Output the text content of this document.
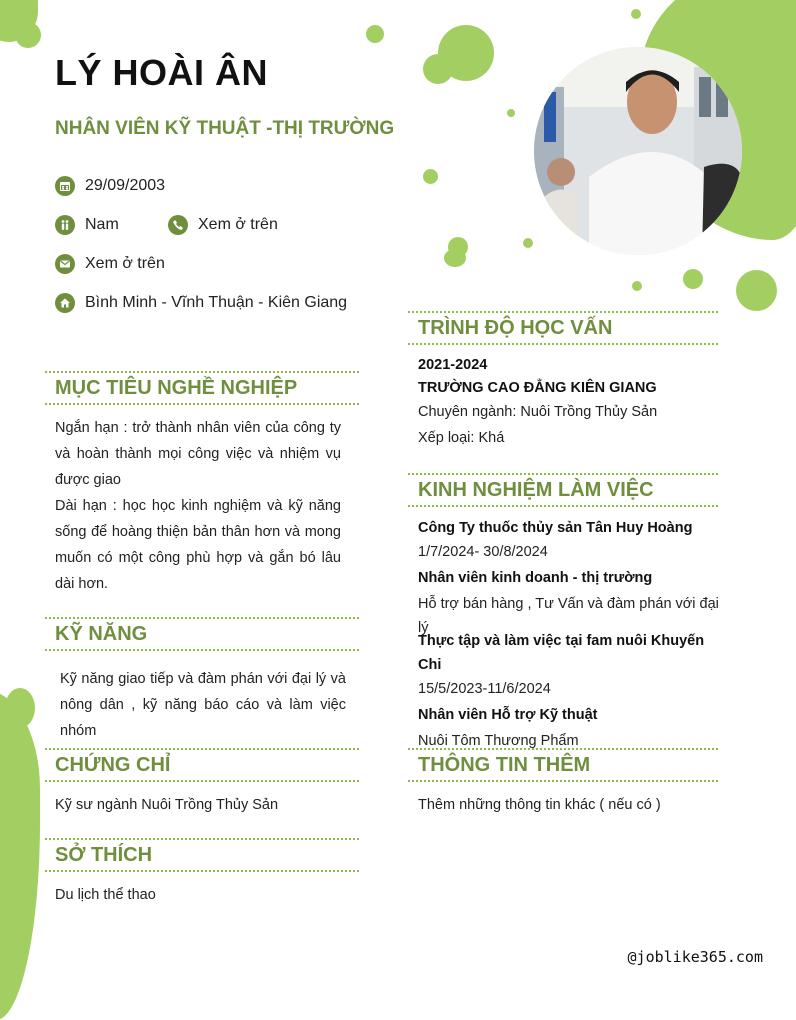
LÝ HOÀI ÂN

NHÂN VIÊN KỸ THUẬT -THỊ TRƯỜNG

29/09/2003
Nam	Xem ở trên
Xem ở trên
Bình Minh - Vĩnh Thuận - Kiên Giang
MỤC TIÊU NGHỀ NGHIỆP
Ngắn hạn : trở thành nhân viên của công ty và hoàn thành mọi công việc và nhiệm vụ được giao
Dài hạn : học học kinh nghiệm và kỹ năng sống để hoàng thiện bản thân hơn và mong muốn có một công phù hợp và gắn bó lâu dài hơn.
KỸ NĂNG
Kỹ năng giao tiếp và đàm phán với đại lý và nông dân , kỹ năng báo cáo và làm việc nhóm
CHỨNG CHỈ
Kỹ sư ngành Nuôi Trồng Thủy Sản
SỞ THÍCH
Du lịch thể thao
TRÌNH ĐỘ HỌC VẤN
2021-2024
TRƯỜNG CAO ĐẲNG KIÊN GIANG
Chuyên ngành: Nuôi Trồng Thủy Sản
Xếp loại: Khá
KINH NGHIỆM LÀM VIỆC
Công Ty thuốc thủy sản Tân Huy Hoàng
1/7/2024- 30/8/2024
Nhân viên kinh doanh - thị trường
Hỗ trợ bán hàng , Tư Vấn và đàm phán với đại lý
Thực tập và làm việc tại fam nuôi Khuyến Chi
15/5/2023-11/6/2024
Nhân viên Hỗ trợ Kỹ thuật
Nuôi Tôm Thương Phẩm
THÔNG TIN THÊM
Thêm những thông tin khác ( nếu có )
@joblike365.com
